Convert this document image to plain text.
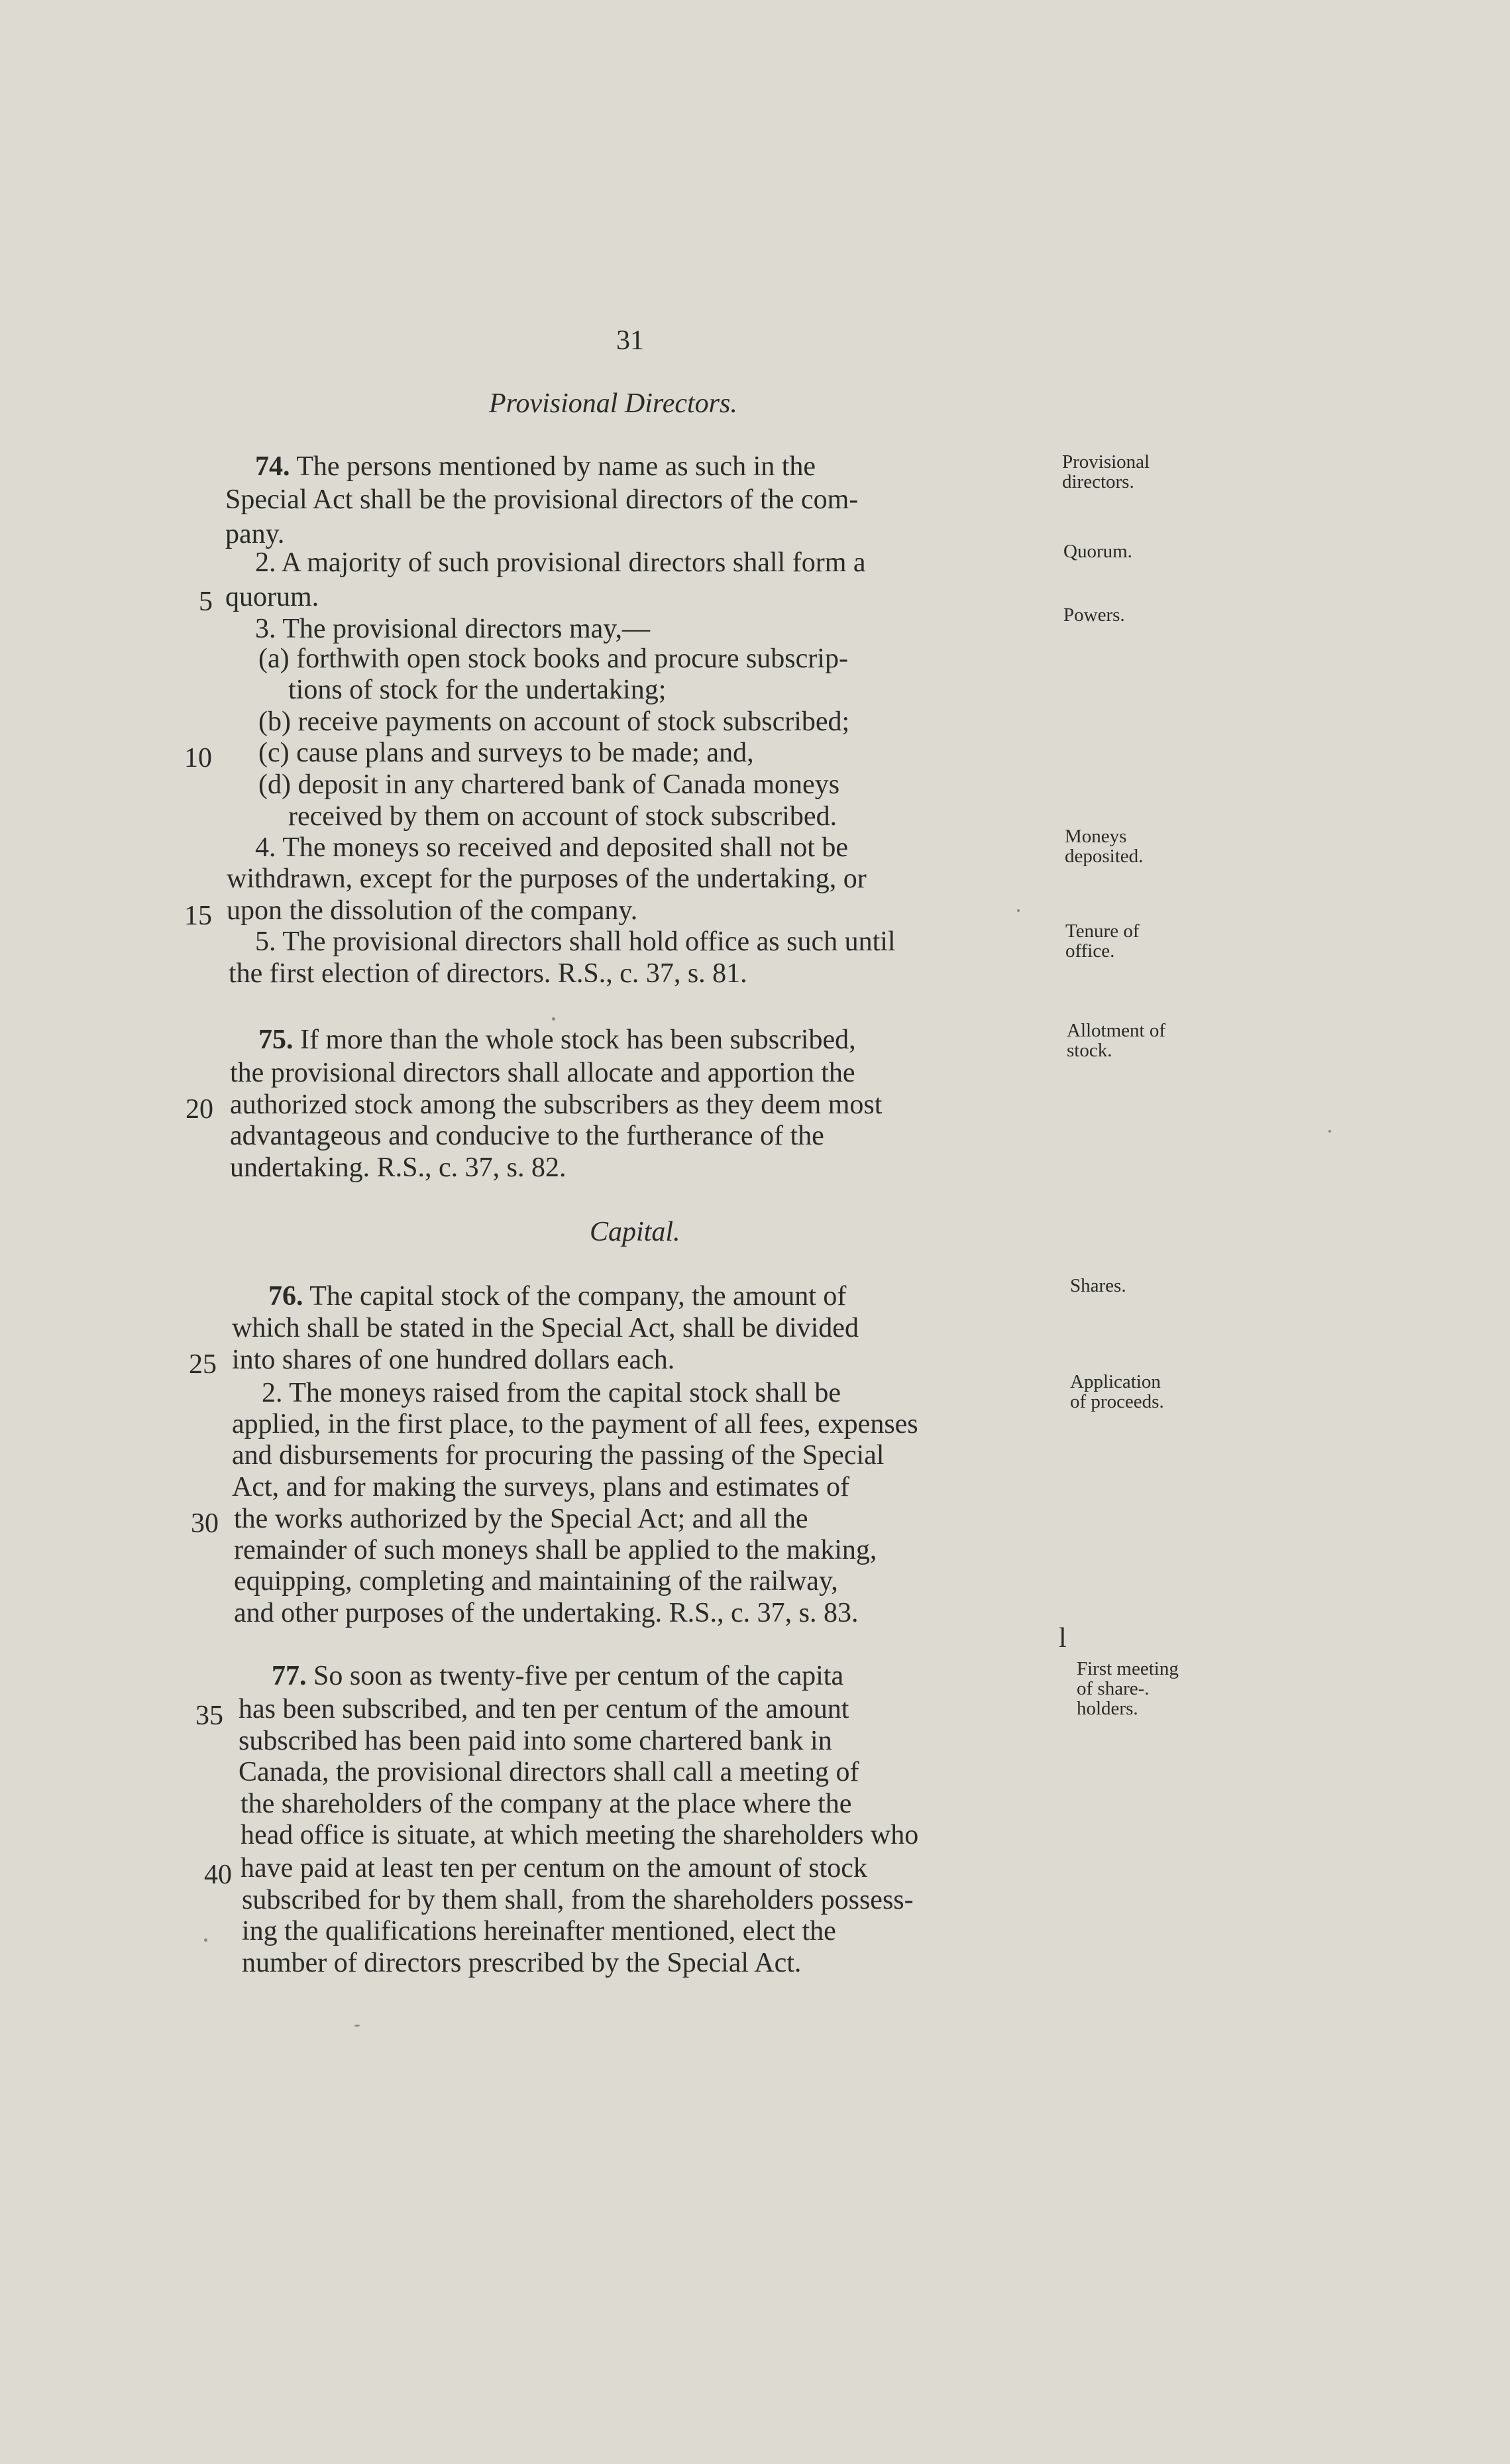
31
Provisional Directors.
Capital.
74. The persons mentioned by name as such in the
Special Act shall be the provisional directors of the com-
pany.
2. A majority of such provisional directors shall form a
quorum.
3. The provisional directors may,—
(a) forthwith open stock books and procure subscrip-
tions of stock for the undertaking;
(b) receive payments on account of stock subscribed;
(c) cause plans and surveys to be made; and,
(d) deposit in any chartered bank of Canada moneys
received by them on account of stock subscribed.
4. The moneys so received and deposited shall not be
withdrawn, except for the purposes of the undertaking, or
upon the dissolution of the company.
5. The provisional directors shall hold office as such until
the first election of directors. R.S., c. 37, s. 81.
75. If more than the whole stock has been subscribed,
the provisional directors shall allocate and apportion the
authorized stock among the subscribers as they deem most
advantageous and conducive to the furtherance of the
undertaking. R.S., c. 37, s. 82.
76. The capital stock of the company, the amount of
which shall be stated in the Special Act, shall be divided
into shares of one hundred dollars each.
2. The moneys raised from the capital stock shall be
applied, in the first place, to the payment of all fees, expenses
and disbursements for procuring the passing of the Special
Act, and for making the surveys, plans and estimates of
the works authorized by the Special Act; and all the
remainder of such moneys shall be applied to the making,
equipping, completing and maintaining of the railway,
and other purposes of the undertaking. R.S., c. 37, s. 83.
l
77. So soon as twenty-five per centum of the capita
has been subscribed, and ten per centum of the amount
subscribed has been paid into some chartered bank in
Canada, the provisional directors shall call a meeting of
the shareholders of the company at the place where the
head office is situate, at which meeting the shareholders who
have paid at least ten per centum on the amount of stock
subscribed for by them shall, from the shareholders possess-
ing the qualifications hereinafter mentioned, elect the
number of directors prescribed by the Special Act.
5
10
15
20
25
30
35
40
Provisional
directors.
Quorum.
Powers.
Moneys
deposited.
Tenure of
office.
Allotment of
stock.
Shares.
Application
of proceeds.
First meeting
of share-.
holders.
